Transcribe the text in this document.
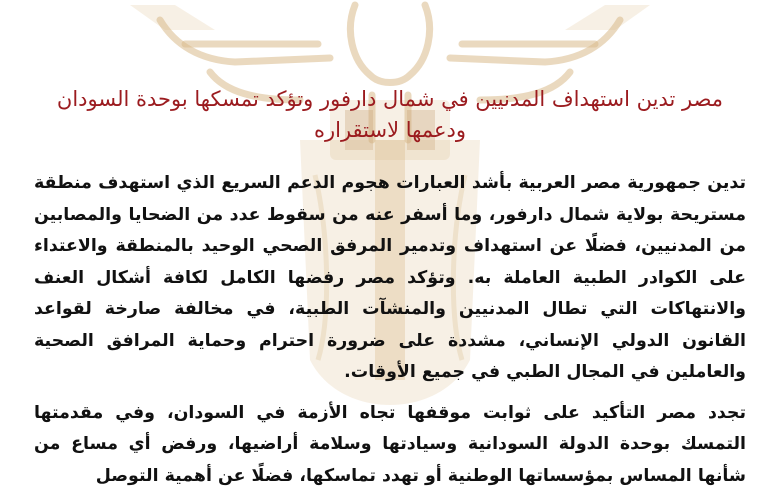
مصر تدين استهداف المدنيين في شمال دارفور وتؤكد تمسكها بوحدة السودان ودعمها لاستقراره

تدين جمهورية مصر العربية بأشد العبارات هجوم الدعم السريع الذي استهدف منطقة مستريحة بولاية شمال دارفور، وما أسفر عنه من سقوط عدد من الضحايا والمصابين من المدنيين، فضلًا عن استهداف وتدمير المرفق الصحي الوحيد بالمنطقة والاعتداء على الكوادر الطبية العاملة به. وتؤكد مصر رفضها الكامل لكافة أشكال العنف والانتهاكات التي تطال المدنيين والمنشآت الطبية، في مخالفة صارخة لقواعد القانون الدولي الإنساني، مشددة على ضرورة احترام وحماية المرافق الصحية والعاملين في المجال الطبي في جميع الأوقات.

تجدد مصر التأكيد على ثوابت موقفها تجاه الأزمة في السودان، وفي مقدمتها التمسك بوحدة الدولة السودانية وسيادتها وسلامة أراضيها، ورفض أي مساع من شأنها المساس بمؤسساتها الوطنية أو تهدد تماسكها، فضلًا عن أهمية التوصل
